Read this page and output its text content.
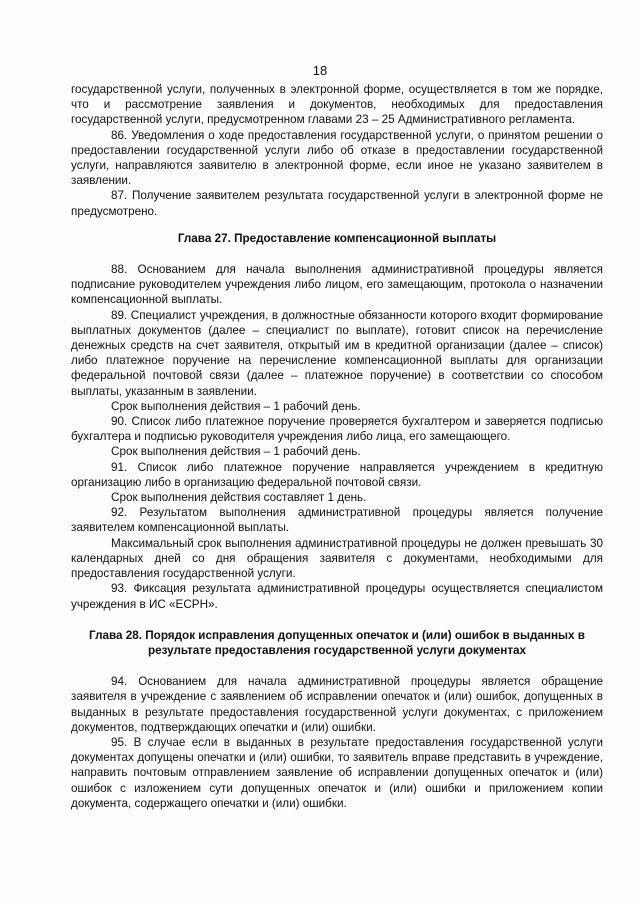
18

государственной услуги, полученных в электронной форме, осуществляется в том же порядке, что и рассмотрение заявления и документов, необходимых для предоставления государственной услуги, предусмотренном главами 23 – 25 Административного регламента.

86. Уведомления о ходе предоставления государственной услуги, о принятом решении о предоставлении государственной услуги либо об отказе в предоставлении государственной услуги, направляются заявителю в электронной форме, если иное не указано заявителем в заявлении.

87. Получение заявителем результата государственной услуги в электронной форме не предусмотрено.

Глава 27. Предоставление компенсационной выплаты

88. Основанием для начала выполнения административной процедуры является подписание руководителем учреждения либо лицом, его замещающим, протокола о назначении компенсационной выплаты.

89. Специалист учреждения, в должностные обязанности которого входит формирование выплатных документов (далее – специалист по выплате), готовит список на перечисление денежных средств на счет заявителя, открытый им в кредитной организации (далее – список) либо платежное поручение на перечисление компенсационной выплаты для организации федеральной почтовой связи (далее – платежное поручение) в соответствии со способом выплаты, указанным в заявлении.

Срок выполнения действия – 1 рабочий день.

90. Список либо платежное поручение проверяется бухгалтером и заверяется подписью бухгалтера и подписью руководителя учреждения либо лица, его замещающего.

Срок выполнения действия – 1 рабочий день.

91. Список либо платежное поручение направляется учреждением в кредитную организацию либо в организацию федеральной почтовой связи.

Срок выполнения действия составляет 1 день.

92. Результатом выполнения административной процедуры является получение заявителем компенсационной выплаты.

Максимальный срок выполнения административной процедуры не должен превышать 30 календарных дней со дня обращения заявителя с документами, необходимыми для предоставления государственной услуги.

93. Фиксация результата административной процедуры осуществляется специалистом учреждения в ИС «ЕСРН».

Глава 28. Порядок исправления допущенных опечаток и (или) ошибок в выданных в результате предоставления государственной услуги документах

94. Основанием для начала административной процедуры является обращение заявителя в учреждение с заявлением об исправлении опечаток и (или) ошибок, допущенных в выданных в результате предоставления государственной услуги документах, с приложением документов, подтверждающих опечатки и (или) ошибки.

95. В случае если в выданных в результате предоставления государственной услуги документах допущены опечатки и (или) ошибки, то заявитель вправе представить в учреждение, направить почтовым отправлением заявление об исправлении допущенных опечаток и (или) ошибок с изложением сути допущенных опечаток и (или) ошибки и приложением копии документа, содержащего опечатки и (или) ошибки.
